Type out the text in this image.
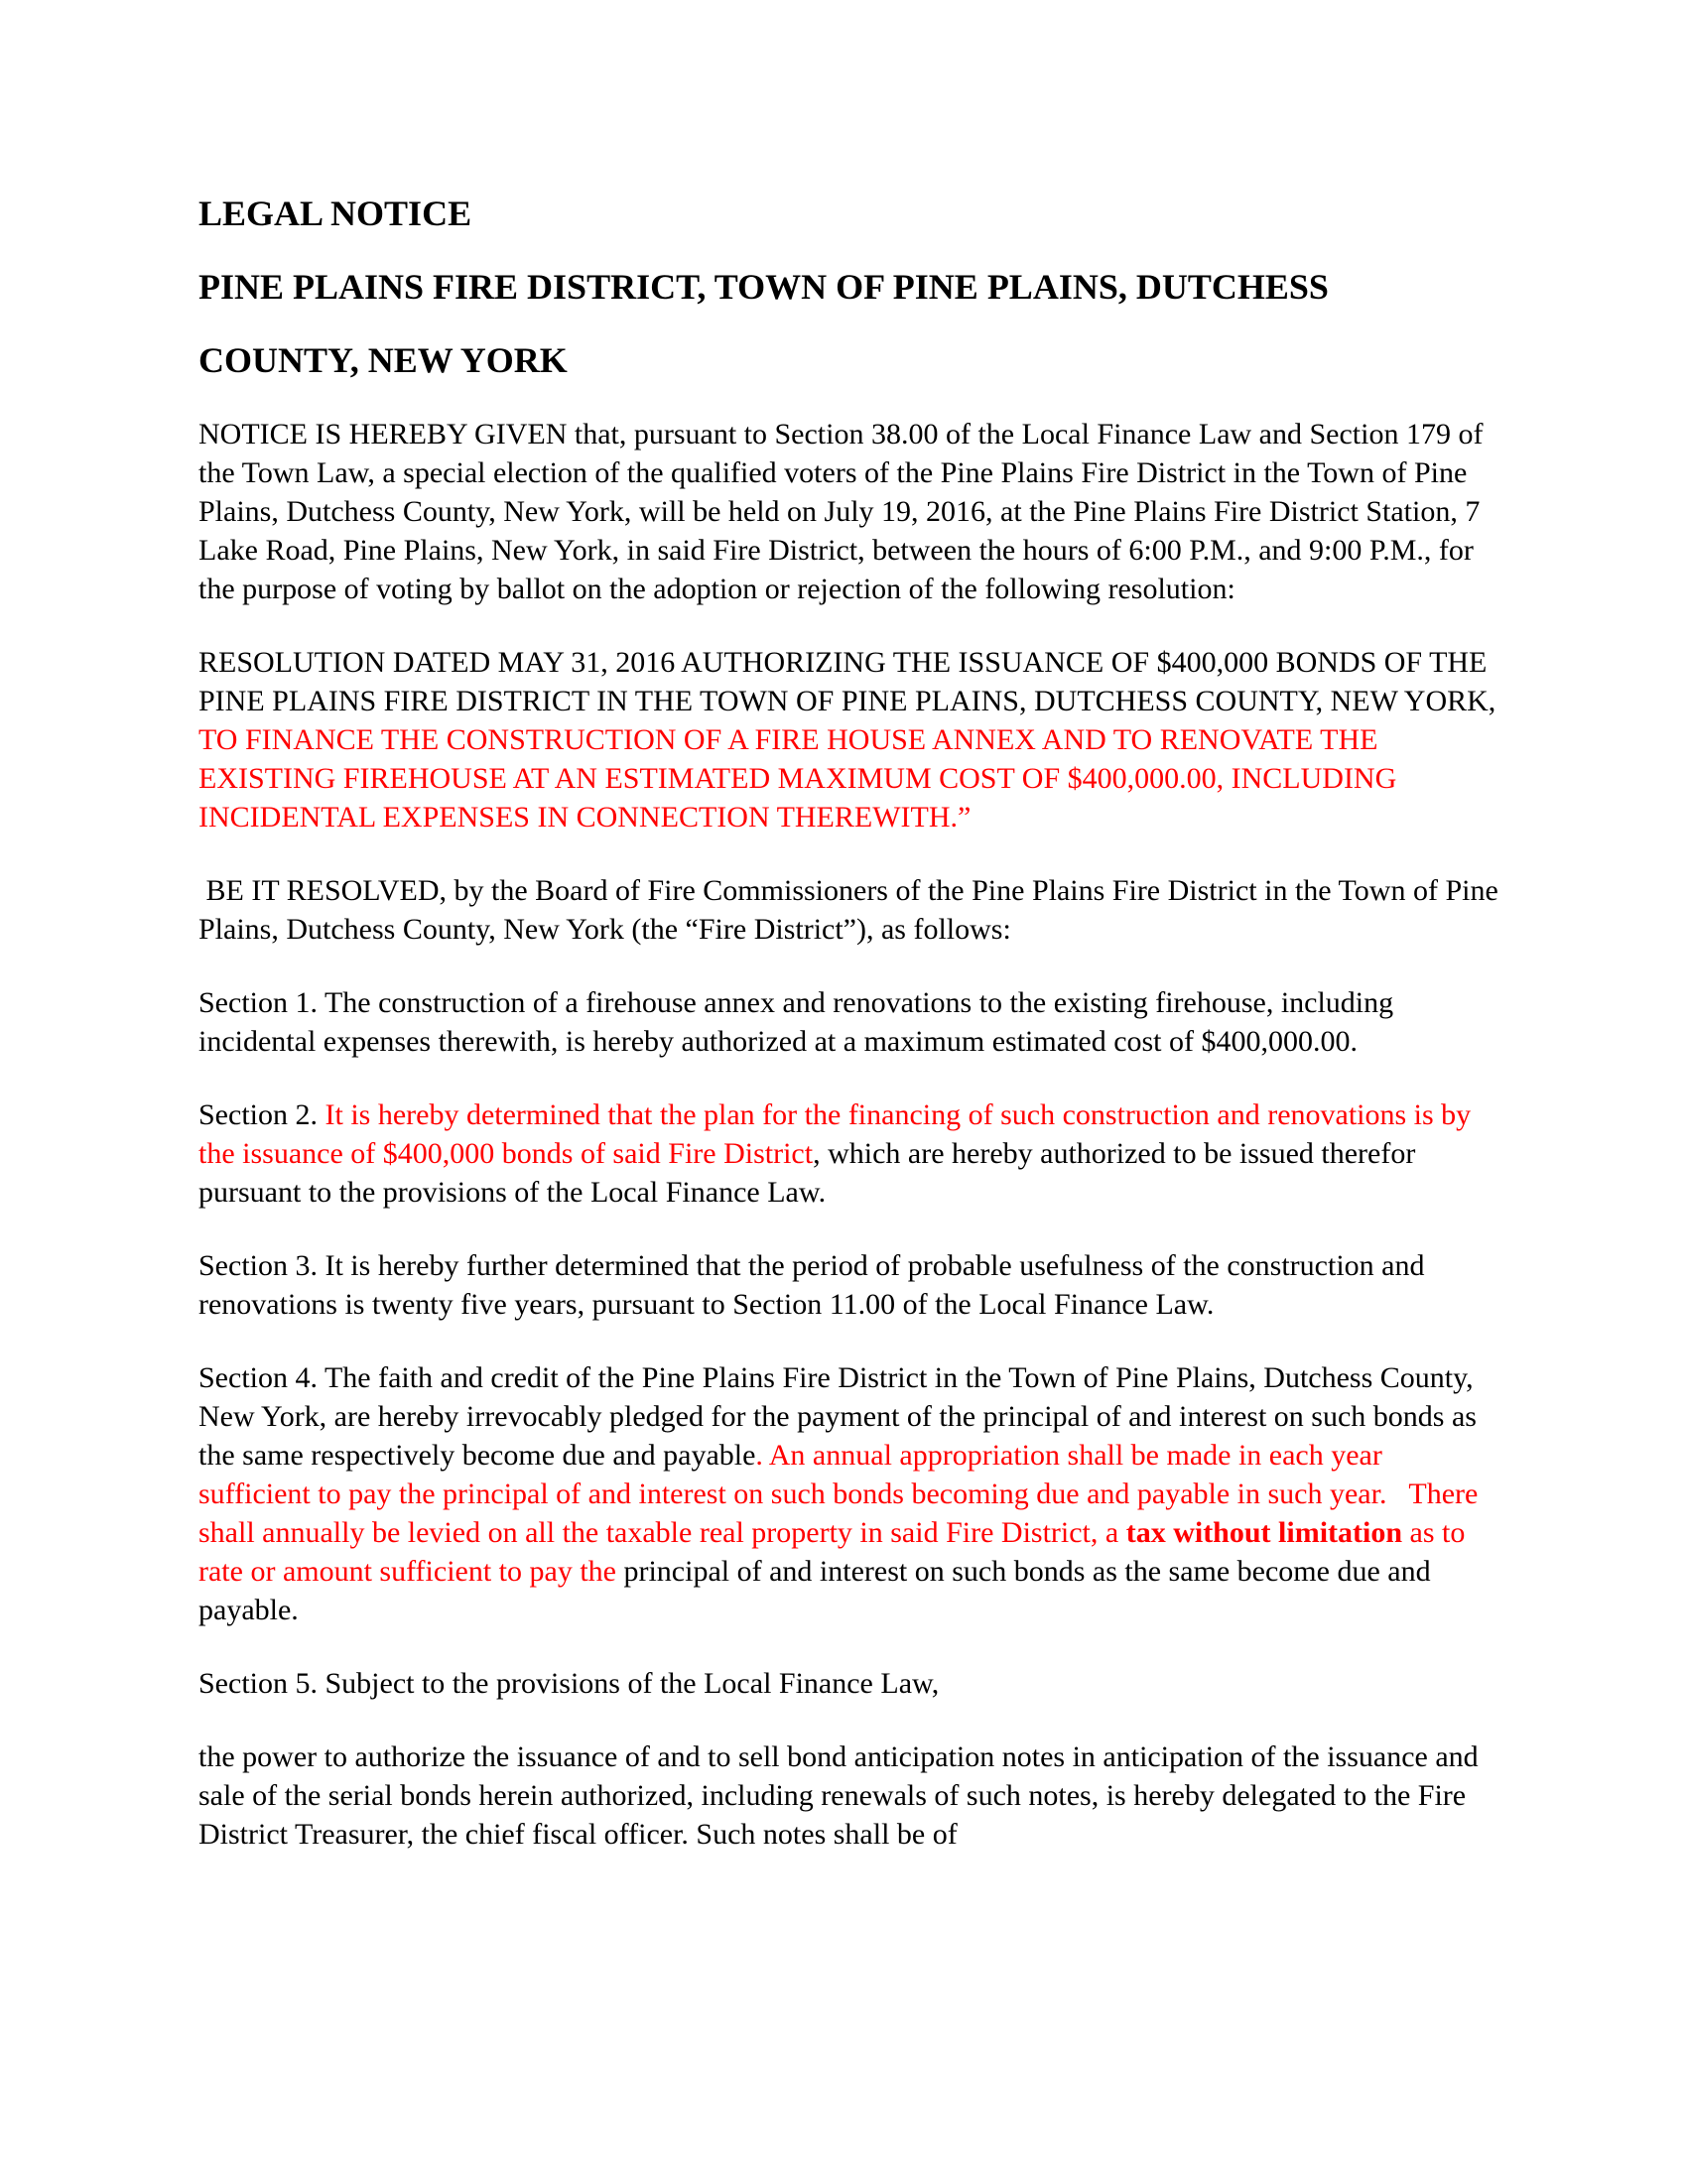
LEGAL NOTICE

PINE PLAINS FIRE DISTRICT, TOWN OF PINE PLAINS, DUTCHESS

COUNTY, NEW YORK

NOTICE IS HEREBY GIVEN that, pursuant to Section 38.00 of the Local Finance Law and Section 179 of the Town Law, a special election of the qualified voters of the Pine Plains Fire District in the Town of Pine Plains, Dutchess County, New York, will be held on July 19, 2016, at the Pine Plains Fire District Station, 7 Lake Road, Pine Plains, New York, in said Fire District, between the hours of 6:00 P.M., and 9:00 P.M., for the purpose of voting by ballot on the adoption or rejection of the following resolution:

RESOLUTION DATED MAY 31, 2016 AUTHORIZING THE ISSUANCE OF $400,000 BONDS OF THE PINE PLAINS FIRE DISTRICT IN THE TOWN OF PINE PLAINS, DUTCHESS COUNTY, NEW YORK, TO FINANCE THE CONSTRUCTION OF A FIRE HOUSE ANNEX AND TO RENOVATE THE EXISTING FIREHOUSE AT AN ESTIMATED MAXIMUM COST OF $400,000.00, INCLUDING INCIDENTAL EXPENSES IN CONNECTION THEREWITH.”

BE IT RESOLVED, by the Board of Fire Commissioners of the Pine Plains Fire District in the Town of Pine Plains, Dutchess County, New York (the “Fire District”), as follows:

Section 1. The construction of a firehouse annex and renovations to the existing firehouse, including incidental expenses therewith, is hereby authorized at a maximum estimated cost of $400,000.00.

Section 2. It is hereby determined that the plan for the financing of such construction and renovations is by the issuance of $400,000 bonds of said Fire District, which are hereby authorized to be issued therefor pursuant to the provisions of the Local Finance Law.

Section 3. It is hereby further determined that the period of probable usefulness of the construction and renovations is twenty five years, pursuant to Section 11.00 of the Local Finance Law.

Section 4. The faith and credit of the Pine Plains Fire District in the Town of Pine Plains, Dutchess County, New York, are hereby irrevocably pledged for the payment of the principal of and interest on such bonds as the same respectively become due and payable. An annual appropriation shall be made in each year sufficient to pay the principal of and interest on such bonds becoming due and payable in such year.   There shall annually be levied on all the taxable real property in said Fire District, a tax without limitation as to rate or amount sufficient to pay the principal of and interest on such bonds as the same become due and payable.

Section 5. Subject to the provisions of the Local Finance Law,

the power to authorize the issuance of and to sell bond anticipation notes in anticipation of the issuance and sale of the serial bonds herein authorized, including renewals of such notes, is hereby delegated to the Fire District Treasurer, the chief fiscal officer. Such notes shall be of
